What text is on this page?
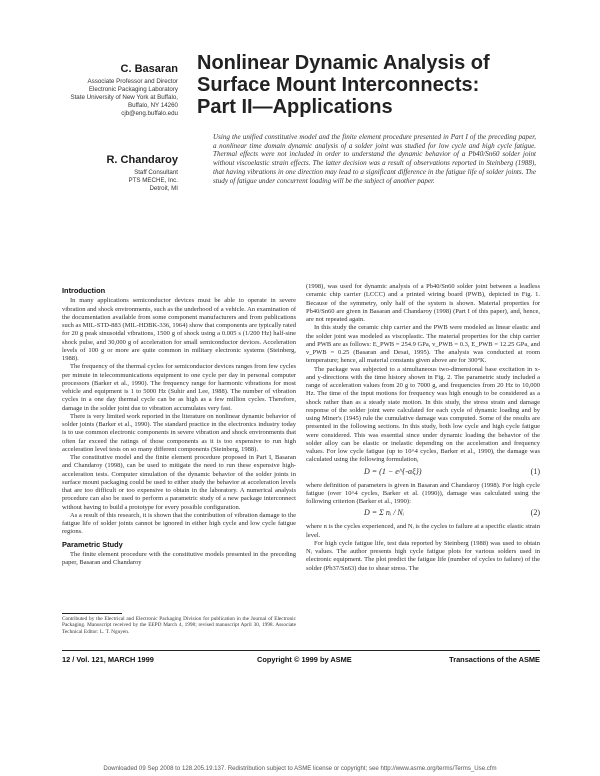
C. Basaran
Associate Professor and Director
Electronic Packaging Laboratory
State University of New York at Buffalo,
Buffalo, NY 14260
cjb@eng.buffalo.edu
R. Chandaroy
Staff Consultant
PTS MECHE, Inc.
Detroit, MI
Nonlinear Dynamic Analysis of
Surface Mount Interconnects:
Part II—Applications
Using the unified constitutive model and the finite element procedure presented in Part I of the preceding paper, a nonlinear time domain dynamic analysis of a solder joint was studied for low cycle and high cycle fatigue. Thermal effects were not included in order to understand the dynamic behavior of a Pb40/Sn60 solder joint without viscoelastic strain effects. The latter decision was a result of observations reported in Steinberg (1988), that having vibrations in one direction may lead to a significant difference in the fatigue life of solder joints. The study of fatigue under concurrent loading will be the subject of another paper.
Introduction

In many applications semiconductor devices must be able to operate in severe vibration and shock environments, such as the underhood of a vehicle. An examination of the documentation available from some component manufacturers and from publications such as MIL-STD-883 (MIL-HDBK-336, 1964) show that components are typically rated for 20 g peak sinusoidal vibrations, 1500 g of shock using a 0.005 s (1/200 Hz) half-sine shock pulse, and 30,000 g of acceleration for small semiconductor devices. Acceleration levels of 100 g or more are quite common in military electronic systems (Steinberg, 1988).

The frequency of the thermal cycles for semiconductor devices ranges from few cycles per minute in telecommunications equipment to one cycle per day in personal computer processors (Barker et al., 1990). The frequency range for harmonic vibrations for most vehicle and equipment is 1 to 5000 Hz (Suhir and Lee, 1988). The number of vibration cycles in a one day thermal cycle can be as high as a few million cycles. Therefore, damage in the solder joint due to vibration accumulates very fast.

There is very limited work reported in the literature on nonlinear dynamic behavior of solder joints (Barker et al., 1990). The standard practice in the electronics industry today is to use common electronic components in severe vibration and shock environments that often far exceed the ratings of those components as it is too expensive to run high acceleration level tests on so many different components (Steinberg, 1988).

The constitutive model and the finite element procedure proposed in Part I, Basaran and Chandaroy (1998), can be used to mitigate the need to run these expensive high-acceleration tests. Computer simulation of the dynamic behavior of the solder joints in surface mount packaging could be used to either study the behavior at acceleration levels that are too difficult or too expensive to obtain in the laboratory. A numerical analysis procedure can also be used to perform a parametric study of a new package interconnect without having to build a prototype for every possible configuration.

As a result of this research, it is shown that the contribution of vibration damage to the fatigue life of solder joints cannot be ignored in either high cycle and low cycle fatigue regions.

Parametric Study

The finite element procedure with the constitutive models presented in the preceding paper, Basaran and Chandaroy

Contributed by the Electrical and Electronic Packaging Division for publication in the Journal of Electronic Packaging. Manuscript received by the EEPD March 4, 1998; revised manuscript April 30, 1998. Associate Technical Editor: L. T. Nguyen.

(1998), was used for dynamic analysis of a Pb40/Sn60 solder joint between a leadless ceramic chip carrier (LCCC) and a printed wiring board (PWB), depicted in Fig. 1. Because of the symmetry, only half of the system is shown. Material properties for Pb40/Sn60 are given in Basaran and Chandaroy (1998) (Part I of this paper), and, hence, are not repeated again.

In this study the ceramic chip carrier and the PWB were modeled as linear elastic and the solder joint was modeled as viscoplastic. The material properties for the chip carrier and PWB are as follows: E_PWB = 254.9 GPa, v_PWB = 0.3, E_PWB = 12.25 GPa, and v_PWB = 0.25 (Basaran and Desai, 1995). The analysis was conducted at room temperature; hence, all material constants given above are for 300°K.

The package was subjected to a simultaneous two-dimensional base excitation in x- and y-directions with the time history shown in Fig. 2. The parametric study included a range of acceleration values from 20 g to 7000 g, and frequencies from 20 Hz to 10,000 Hz. The time of the input motions for frequency was high enough to be considered as a shock rather than as a steady state motion. In this study, the stress strain and damage response of the solder joint were calculated for each cycle of dynamic loading and by using Miner's (1945) rule the cumulative damage was computed. Some of the results are presented in the following sections. In this study, both low cycle and high cycle fatigue were considered. This was essential since under dynamic loading the behavior of the solder alloy can be elastic or inelastic depending on the acceleration and frequency values. For low cycle fatigue (up to 10^4 cycles, Barker et al., 1990), the damage was calculated using the following formulation,

D = (1 − e^{-αξ})	(1)

where definition of parameters is given in Basaran and Chandaroy (1998). For high cycle fatigue (over 10^4 cycles, Barker et al. (1990)), damage was calculated using the following criterion (Barker et al., 1990):

D = Σ nᵢ / Nᵢ	(2)

where n is the cycles experienced, and Nᵢ is the cycles to failure at a specific elastic strain level.

For high cycle fatigue life, test data reported by Steinberg (1988) was used to obtain Nᵢ values. The author presents high cycle fatigue plots for various solders used in electronic equipment. The plot predict the fatigue life (number of cycles to failure) of the solder (Pb37/Sn63) due to shear stress. The

12 / Vol. 121, MARCH 1999	Copyright © 1999 by ASME	Transactions of the ASME
Downloaded 09 Sep 2008 to 128.205.19.137. Redistribution subject to ASME license or copyright; see http://www.asme.org/terms/Terms_Use.cfm
